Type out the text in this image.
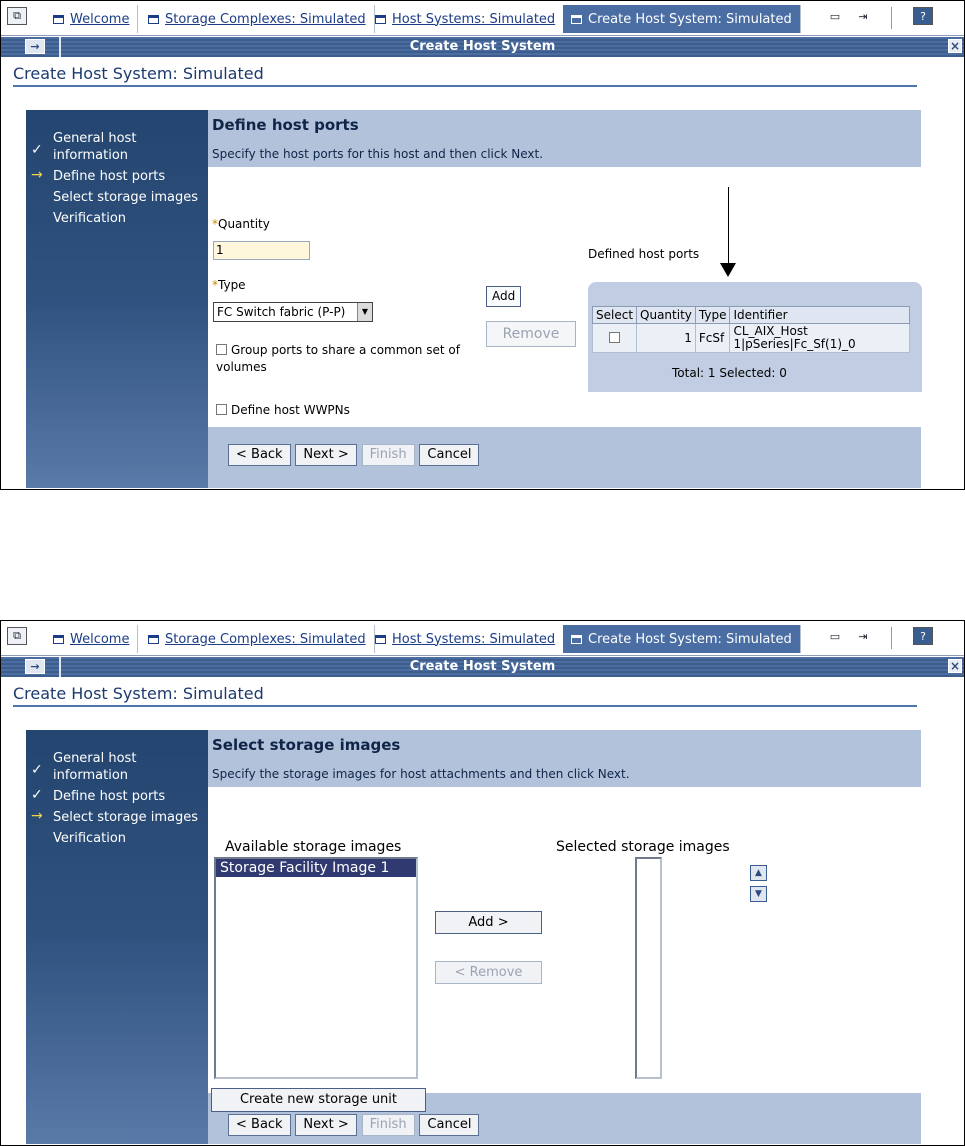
⧉	Welcome	Storage Complexes: Simulated Host Systems: Simulated	Create Host System: Simulated	▭	⇥	?
→	Create Host System	×
Create Host System: Simulated
✓
General host information
→ Define host ports
Select storage images
Verification
Define host ports
Specify the host ports for this host and then click Next.
*Quantity
1
*Type
FC Switch fabric (P-P)	▼
Group ports to share a common set of volumes
Define host WWPNs
Add
Remove
Defined host ports
Select	Quantity	Type	Identifier
	1	FcSf	CL_AIX_Host 1|pSeries|Fc_Sf(1)_0
Total: 1 Selected: 0
< Back Next > Finish Cancel
⧉	Welcome	Storage Complexes: Simulated Host Systems: Simulated	Create Host System: Simulated	▭	⇥	?
→	Create Host System	×
Create Host System: Simulated
✓
General host information
✓ Define host ports
→ Select storage images
Verification
Select storage images
Specify the storage images for host attachments and then click Next.
Available storage images
Storage Facility Image 1
Add >
< Remove
Selected storage images
▲
▼
Create new storage unit
< Back Next > Finish Cancel
